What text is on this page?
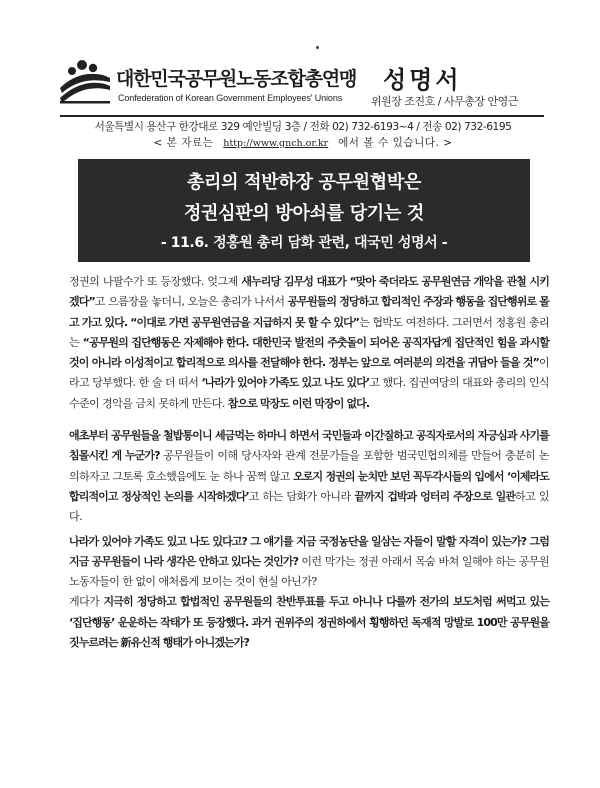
대한민국공무원노동조합총연맹
Confederation of Korean Government Employees' Unions
성명서
위원장 조진호 / 사무총장 안영근
서울특별시 용산구 한강대로 329 예안빌딩 3층 / 전화 02) 732-6193~4 / 전송 02) 732-6195
< 본 자료는 http://www.gnch.or.kr 에서 볼 수 있습니다. >
총리의 적반하장 공무원협박은
정권심판의 방아쇠를 당기는 것
- 11.6. 정홍원 총리 담화 관련, 대국민 성명서 -

정권의 나팔수가 또 등장했다. 엊그제 새누리당 김무성 대표가 “맞아 죽더라도 공무원연금 개악을 관철 시키겠다”고 으름장을 놓더니, 오늘은 총리가 나서서 공무원들의 정당하고 합리적인 주장과 행동을 집단행위로 몰고 가고 있다. “이대로 가면 공무원연금을 지급하지 못 할 수 있다”는 협박도 여전하다. 그러면서 정홍원 총리는 “공무원의 집단행동은 자제해야 한다. 대한민국 발전의 주춧돌이 되어온 공직자답게 집단적인 힘을 과시할 것이 아니라 이성적이고 합리적으로 의사를 전달해야 한다. 정부는 앞으로 여러분의 의견을 귀담아 들을 것”이라고 당부했다. 한 술 더 떠서 ‘나라가 있어야 가족도 있고 나도 있다’고 했다. 집권여당의 대표와 총리의 인식 수준이 경악을 금치 못하게 만든다. 참으로 막장도 이런 막장이 없다.

애초부터 공무원들을 철밥통이니 세금먹는 하마니 하면서 국민들과 이간질하고 공직자로서의 자긍심과 사기를 침몰시킨 게 누군가? 공무원들이 이해 당사자와 관계 전문가들을 포함한 범국민협의체를 만들어 충분히 논의하자고 그토록 호소했음에도 눈 하나 꿈쩍 않고 오로지 정권의 눈치만 보던 꼭두각시들의 입에서 ‘이제라도 합리적이고 정상적인 논의를 시작하겠다’고 하는 담화가 아니라 끝까지 겁박과 엉터리 주장으로 일관하고 있다.

나라가 있어야 가족도 있고 나도 있다고? 그 얘기를 지금 국정농단을 일삼는 자들이 말할 자격이 있는가? 그럼 지금 공무원들이 나라 생각은 안하고 있다는 것인가? 이런 막가는 정권 아래서 목숨 바쳐 일해야 하는 공무원노동자들이 한 없이 애처롭게 보이는 것이 현실 아닌가?

게다가 지극히 정당하고 합법적인 공무원들의 찬반투표를 두고 아니나 다를까 전가의 보도처럼 써먹고 있는 ‘집단행동’ 운운하는 작태가 또 등장했다. 과거 권위주의 정권하에서 횡행하던 독재적 망발로 100만 공무원을 짓누르려는 新유신적 행태가 아니겠는가?
